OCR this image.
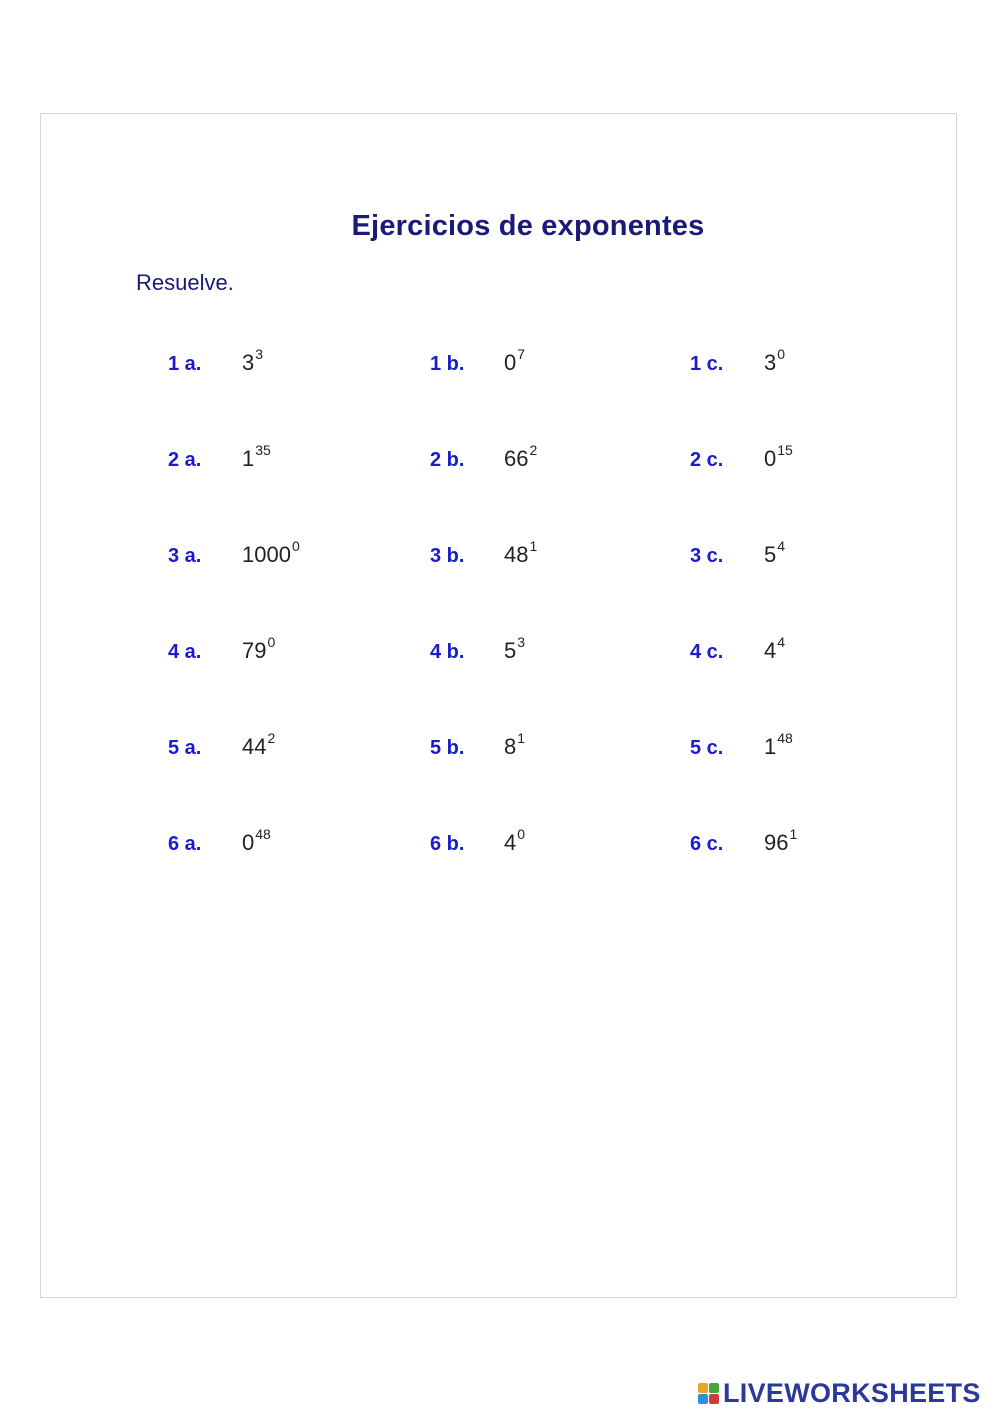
Ejercicios de exponentes
Resuelve.
1 a.	$3^3$	1 b.	$0^7$	1 c.	$3^0$
2 a.	$1^{35}$	2 b.	$66^2$	2 c.	$0^{15}$
3 a.	1000$^0$	3 b.	$48^1$	3 c.	$5^4$
4 a.	$79^0$	4 b.	$5^3$	4 c.	$4^4$
5 a.	$44^2$	5 b.	$8^1$	5 c.	$1^{48}$
6 a.	$0^{48}$	6 b.	$4^0$	6 c.	$96^1$
LIVEWORKSHEETS
